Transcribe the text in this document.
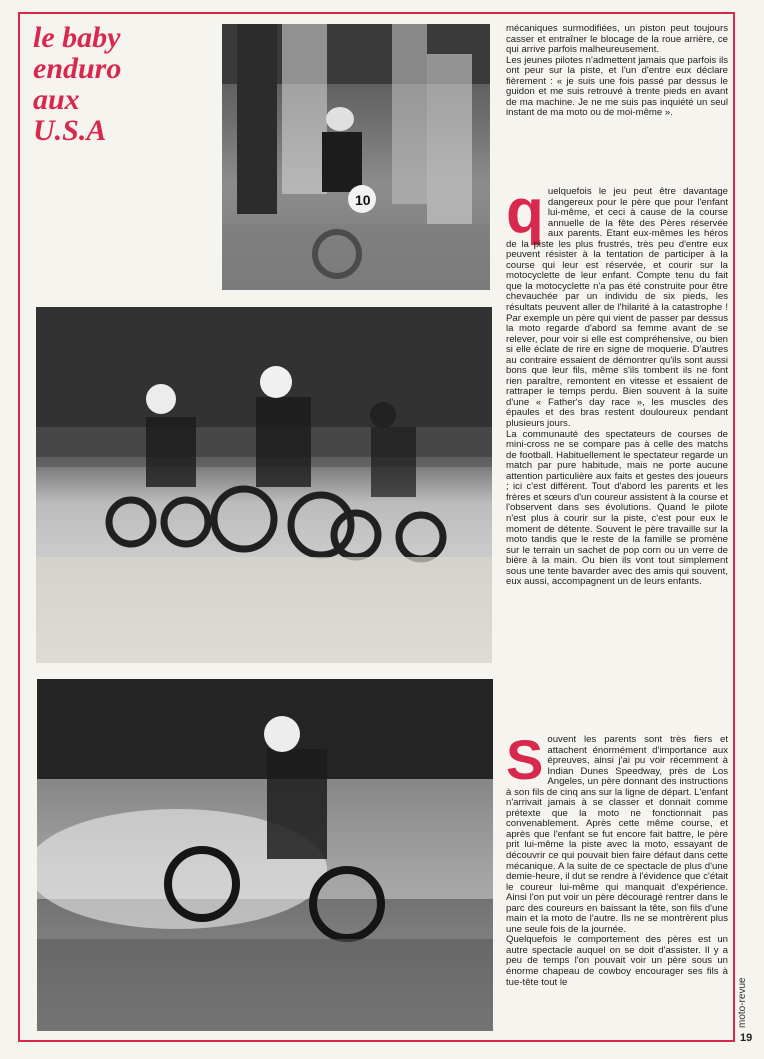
le baby
enduro
aux
U.S.A
10

mécaniques surmodifiées, un piston peut toujours casser et entraîner le blocage de la roue arrière, ce qui arrive parfois malheureusement.

Les jeunes pilotes n'admettent jamais que parfois ils ont peur sur la piste, et l'un d'entre eux déclare fièrement : « je suis une fois passé par dessus le guidon et me suis retrouvé à trente pieds en avant de ma machine. Je ne me suis pas inquiété un seul instant de ma moto ou de moi-même ».

q uelquefois le jeu peut être davantage dangereux pour le père que pour l'enfant lui-même, et ceci à cause de la course annuelle de la fête des Pères réservée aux parents. Etant eux-mêmes les héros de la piste les plus frustrés, très peu d'entre eux peuvent résister à la tentation de participer à la course qui leur est réservée, et courir sur la motocyclette de leur enfant. Compte tenu du fait que la motocyclette n'a pas été construite pour être chevauchée par un individu de six pieds, les résultats peuvent aller de l'hilarité à la catastrophe ! Par exemple un père qui vient de passer par dessus la moto regarde d'abord sa femme avant de se relever, pour voir si elle est compréhensive, ou bien si elle éclate de rire en signe de moquerie. D'autres au contraire essaient de démontrer qu'ils sont aussi bons que leur fils, même s'ils tombent ils ne font rien paraître, remontent en vitesse et essaient de rattraper le temps perdu. Bien souvent à la suite d'une « Father's day race », les muscles des épaules et des bras restent douloureux pendant plusieurs jours.

La communauté des spectateurs de courses de mini-cross ne se compare pas à celle des matchs de football. Habituellement le spectateur regarde un match par pure habitude, mais ne porte aucune attention particulière aux faits et gestes des joueurs ; ici c'est différent. Tout d'abord les parents et les frères et sœurs d'un coureur assistent à la course et l'observent dans ses évolutions. Quand le pilote n'est plus à courir sur la piste, c'est pour eux le moment de détente. Souvent le père travaille sur la moto tandis que le reste de la famille se promène sur le terrain un sachet de pop corn ou un verre de bière à la main. Ou bien ils vont tout simplement sous une tente bavarder avec des amis qui souvent, eux aussi, accompagnent un de leurs enfants.

S ouvent les parents sont très fiers et attachent énormément d'importance aux épreuves, ainsi j'ai pu voir récemment à Indian Dunes Speedway, près de Los Angeles, un père donnant des instructions à son fils de cinq ans sur la ligne de départ. L'enfant n'arrivait jamais à se classer et donnait comme prétexte que la moto ne fonctionnait pas convenablement. Après cette même course, et après que l'enfant se fut encore fait battre, le père prit lui-même la piste avec la moto, essayant de découvrir ce qui pouvait bien faire défaut dans cette mécanique. A la suite de ce spectacle de plus d'une demie-heure, il dut se rendre à l'évidence que c'était le coureur lui-même qui manquait d'expérience. Ainsi l'on put voir un père découragé rentrer dans le parc des coureurs en baissant la tête, son fils d'une main et la moto de l'autre. Ils ne se montrèrent plus une seule fois de la journée.

Quelquefois le comportement des pères est un autre spectacle auquel on se doit d'assister. Il y a peu de temps l'on pouvait voir un père sous un énorme chapeau de cowboy encourager ses fils à tue-tête tout le	moto-revue
19
